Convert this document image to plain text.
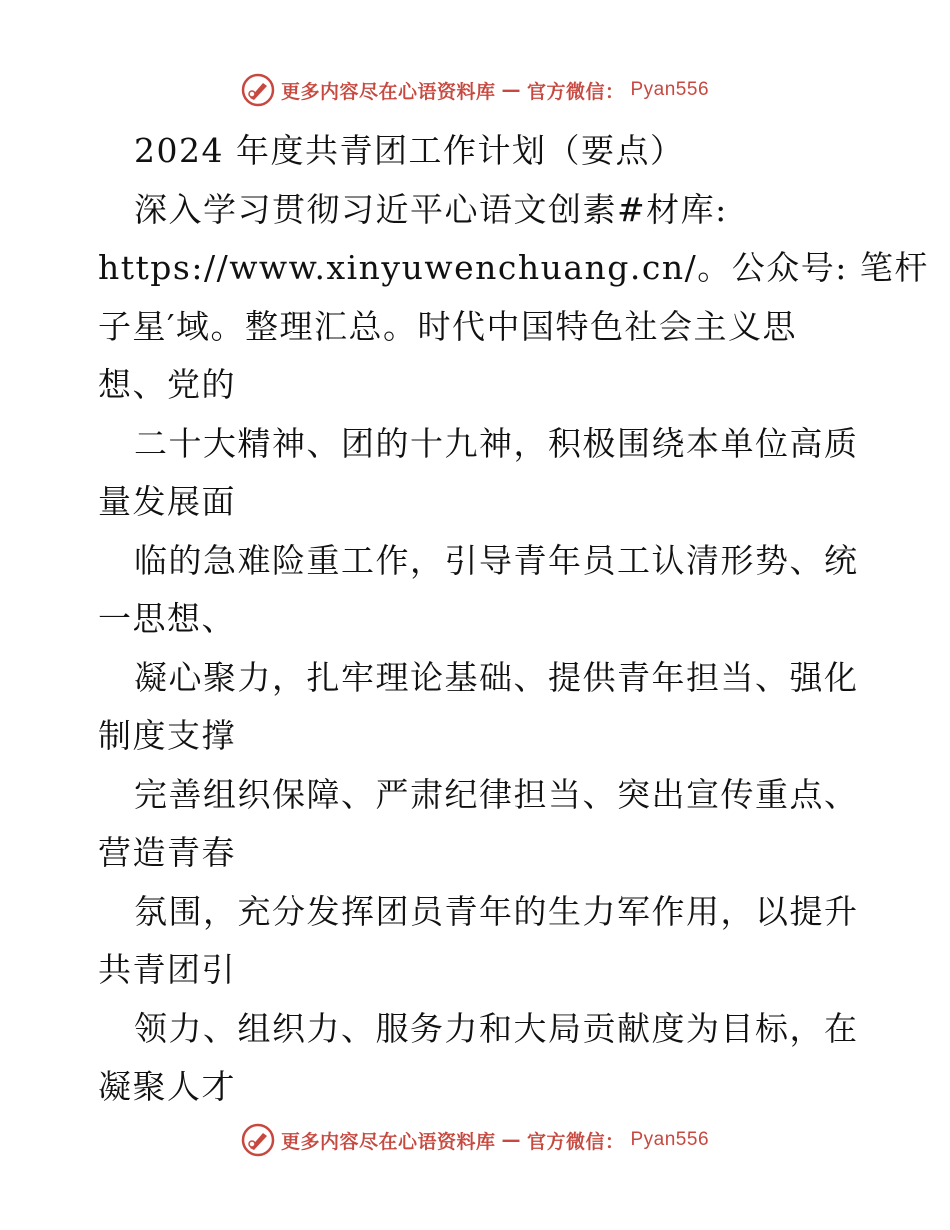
更多内容尽在心语资料库 — 官方微信： Pyan556
2024 年度共青团工作计划（要点）
深入学习贯彻习近平心语文创素#材库:
https://www.xinyuwenchuang.cn/。公众号: 笔杆
子星′域。整理汇总。时代中国特色社会主义思
想、党的
二十大精神、团的十九神，积极围绕本单位高质
量发展面
临的急难险重工作，引导青年员工认清形势、统
一思想、
凝心聚力，扎牢理论基础、提供青年担当、强化
制度支撑
完善组织保障、严肃纪律担当、突出宣传重点、
营造青春
氛围，充分发挥团员青年的生力军作用，以提升
共青团引
领力、组织力、服务力和大局贡献度为目标，在
凝聚人才
更多内容尽在心语资料库 — 官方微信： Pyan556
